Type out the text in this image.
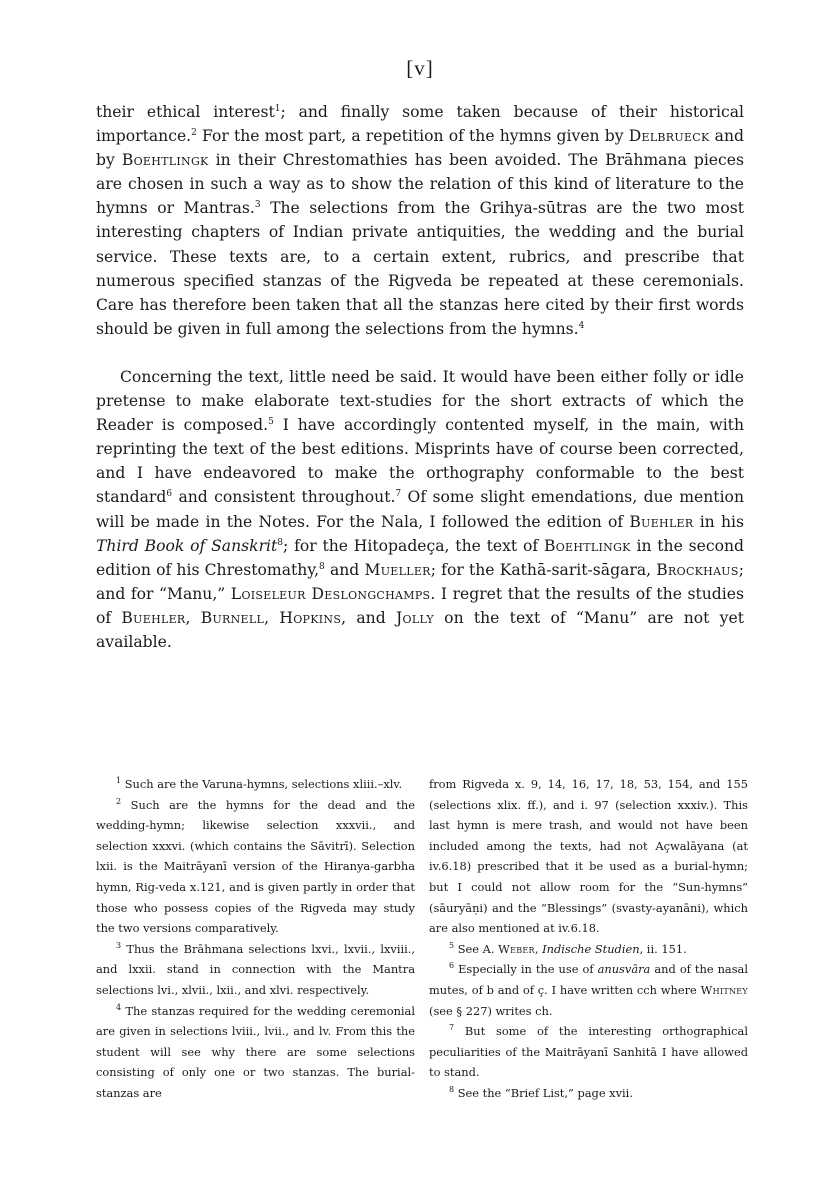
[v]

their ethical interest$^1$; and finally some taken because of their historical importance.$^2$ For the most part, a repetition of the hymns given by Delbrueck and by Boehtlingk in their Chrestomathies has been avoided. The Brāhmana pieces are chosen in such a way as to show the relation of this kind of literature to the hymns or Mantras.$^3$ The selections from the Grihya-sūtras are the two most interesting chapters of Indian private antiquities, the wedding and the burial service. These texts are, to a certain extent, rubrics, and prescribe that numerous specified stanzas of the Rigveda be repeated at these ceremonials. Care has therefore been taken that all the stanzas here cited by their first words should be given in full among the selections from the hymns.$^4$

Concerning the text, little need be said. It would have been either folly or idle pretense to make elaborate text-studies for the short extracts of which the Reader is composed.$^5$ I have accordingly contented myself, in the main, with reprinting the text of the best editions. Misprints have of course been corrected, and I have endeavored to make the orthography conformable to the best standard$^6$ and consistent throughout.$^7$ Of some slight emendations, due mention will be made in the Notes. For the Nala, I followed the edition of Buehler in his Third Book of Sanskrit$^8$; for the Hitopadeça, the text of Boehtlingk in the second edition of his Chrestomathy,$^8$ and Mueller; for the Kathā-sarit-sāgara, Brockhaus; and for “Manu,” Loiseleur Deslongchamps. I regret that the results of the studies of Buehler, Burnell, Hopkins, and Jolly on the text of “Manu” are not yet available.

$^1$ Such are the Varuna-hymns, selections xliii.–xlv.

$^2$ Such are the hymns for the dead and the wedding-hymn; likewise selection xxxvii., and selection xxxvi. (which contains the Sāvitrī). Selection lxii. is the Maitrāyanī version of the Hiranya-garbha hymn, Rig-veda x.121, and is given partly in order that those who possess copies of the Rigveda may study the two versions comparatively.

$^3$ Thus the Brāhmana selections lxvi., lxvii., lxviii., and lxxii. stand in connection with the Mantra selections lvi., xlvii., lxii., and xlvi. respectively.

$^4$ The stanzas required for the wedding ceremonial are given in selections lviii., lvii., and lv. From this the student will see why there are some selections consisting of only one or two stanzas. The burial-stanzas are

from Rigveda x. 9, 14, 16, 17, 18, 53, 154, and 155 (selections xlix. ff.), and i. 97 (selection xxxiv.). This last hymn is mere trash, and would not have been included among the texts, had not Açwalāyana (at iv.6.18) prescribed that it be used as a burial-hymn; but I could not allow room for the “Sun-hymns” (sāuryāṇi) and the “Blessings” (svasty-ayanāni), which are also mentioned at iv.6.18.

$^5$ See A. Weber, Indische Studien, ii. 151.

$^6$ Especially in the use of anusvāra and of the nasal mutes, of b and of ç. I have written cch where Whitney (see § 227) writes ch.

$^7$ But some of the interesting orthographical peculiarities of the Maitrāyanī Sanhitā I have allowed to stand.

$^8$ See the “Brief List,” page xvii.
